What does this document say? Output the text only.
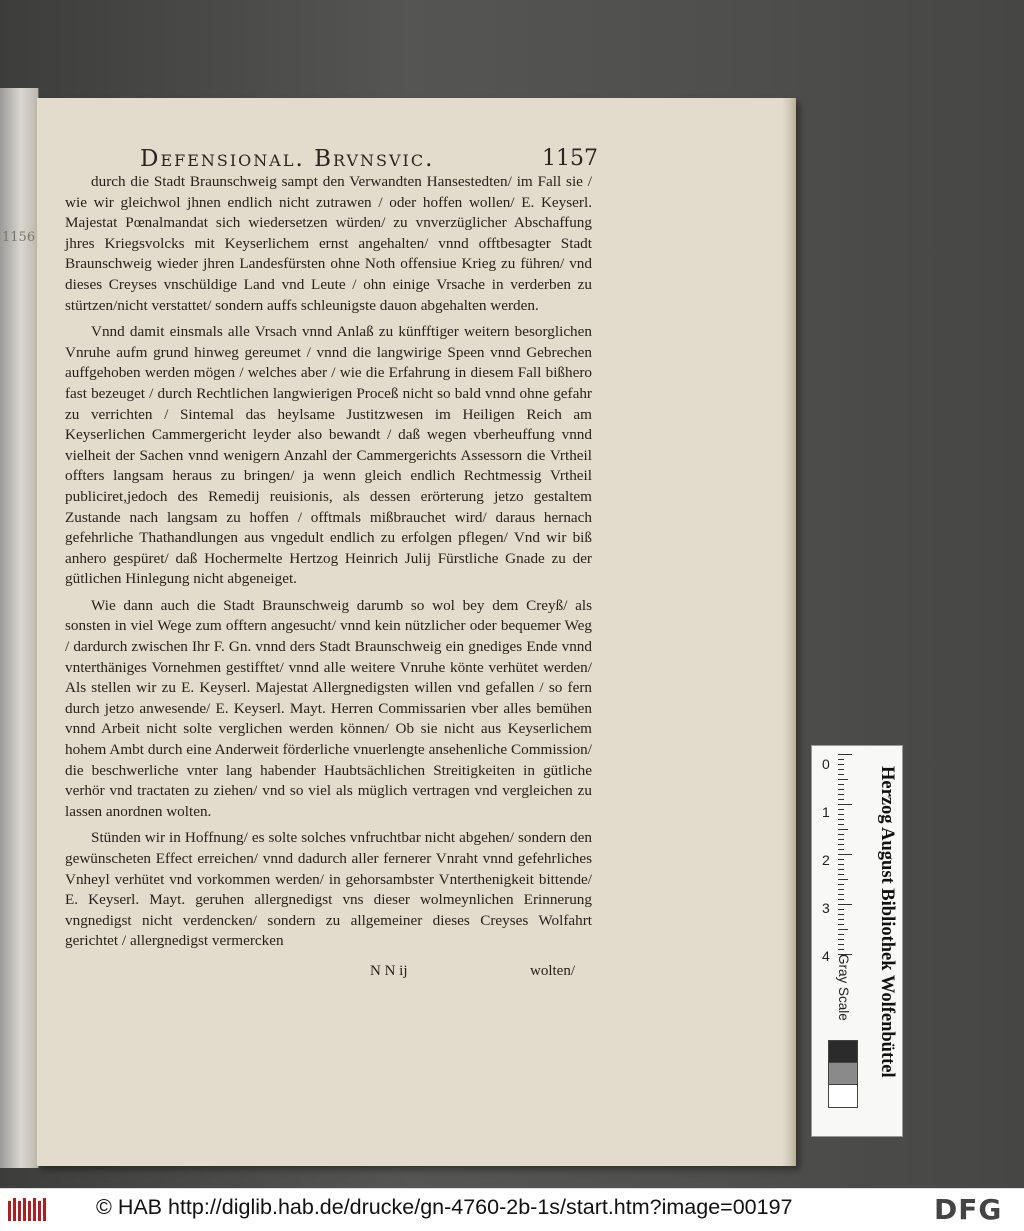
1156
Defensional. Brvnsvic.	1157

durch die Stadt Braunschweig sampt den Verwandten Hansestedten/ im Fall sie / wie wir gleichwol jhnen endlich nicht zutrawen / oder hoffen wollen/ E. Keyserl. Majestat Pœnalmandat sich wiedersetzen würden/ zu vnverzüglicher Abschaffung jhres Kriegsvolcks mit Keyserlichem ernst angehalten/ vnnd offtbesagter Stadt Braunschweig wieder jhren Landesfürsten ohne Noth offensiue Krieg zu führen/ vnd dieses Creyses vnschüldige Land vnd Leute / ohn einige Vrsache in verderben zu stürtzen/nicht verstattet/ sondern auffs schleunigste dauon abgehalten werden.

Vnnd damit einsmals alle Vrsach vnnd Anlaß zu künfftiger weitern besorglichen Vnruhe aufm grund hinweg gereumet / vnnd die langwirige Speen vnnd Gebrechen auffgehoben werden mögen / welches aber / wie die Erfahrung in diesem Fall bißhero fast bezeuget / durch Rechtlichen langwierigen Proceß nicht so bald vnnd ohne gefahr zu verrichten / Sintemal das heylsame Justitzwesen im Heiligen Reich am Keyserlichen Cammergericht leyder also bewandt / daß wegen vberheuffung vnnd vielheit der Sachen vnnd wenigern Anzahl der Cammergerichts Assessorn die Vrtheil offters langsam heraus zu bringen/ ja wenn gleich endlich Rechtmessig Vrtheil publiciret,jedoch des Remedij reuisionis, als dessen erörterung jetzo gestaltem Zustande nach langsam zu hoffen / offtmals mißbrauchet wird/ daraus hernach gefehrliche Thathandlungen aus vngedult endlich zu erfolgen pflegen/ Vnd wir biß anhero gespüret/ daß Hochermelte Hertzog Heinrich Julij Fürstliche Gnade zu der gütlichen Hinlegung nicht abgeneiget.

Wie dann auch die Stadt Braunschweig darumb so wol bey dem Creyß/ als sonsten in viel Wege zum offtern angesucht/ vnnd kein nützlicher oder bequemer Weg / dardurch zwischen Ihr F. Gn. vnnd ders Stadt Braunschweig ein gnediges Ende vnnd vnterthäniges Vornehmen gestifftet/ vnnd alle weitere Vnruhe könte verhütet werden/ Als stellen wir zu E. Keyserl. Majestat Allergnedigsten willen vnd gefallen / so fern durch jetzo anwesende/ E. Keyserl. Mayt. Herren Commissarien vber alles bemühen vnnd Arbeit nicht solte verglichen werden können/ Ob sie nicht aus Keyserlichem hohem Ambt durch eine Anderweit förderliche vnuerlengte ansehenliche Commission/ die beschwerliche vnter lang habender Haubtsächlichen Streitigkeiten in gütliche verhör vnd tractaten zu ziehen/ vnd so viel als müglich vertragen vnd vergleichen zu lassen anordnen wolten.

Stünden wir in Hoffnung/ es solte solches vnfruchtbar nicht abgehen/ sondern den gewünscheten Effect erreichen/ vnnd dadurch aller fernerer Vnraht vnnd gefehrliches Vnheyl verhütet vnd vorkommen werden/ in gehorsambster Vnterthenigkeit bittende/ E. Keyserl. Mayt. geruhen allergnedigst vns dieser wolmeynlichen Erinnerung vngnedigst nicht verdencken/ sondern zu allgemeiner dieses Creyses Wolfahrt gerichtet / allergnedigst vermercken

N N ij	wolten/
0
1
2
3
4	Herzog August Bibliothek Wolfenbüttel
Gray Scale
© HAB http://diglib.hab.de/drucke/gn-4760-2b-1s/start.htm?image=00197	DFG
